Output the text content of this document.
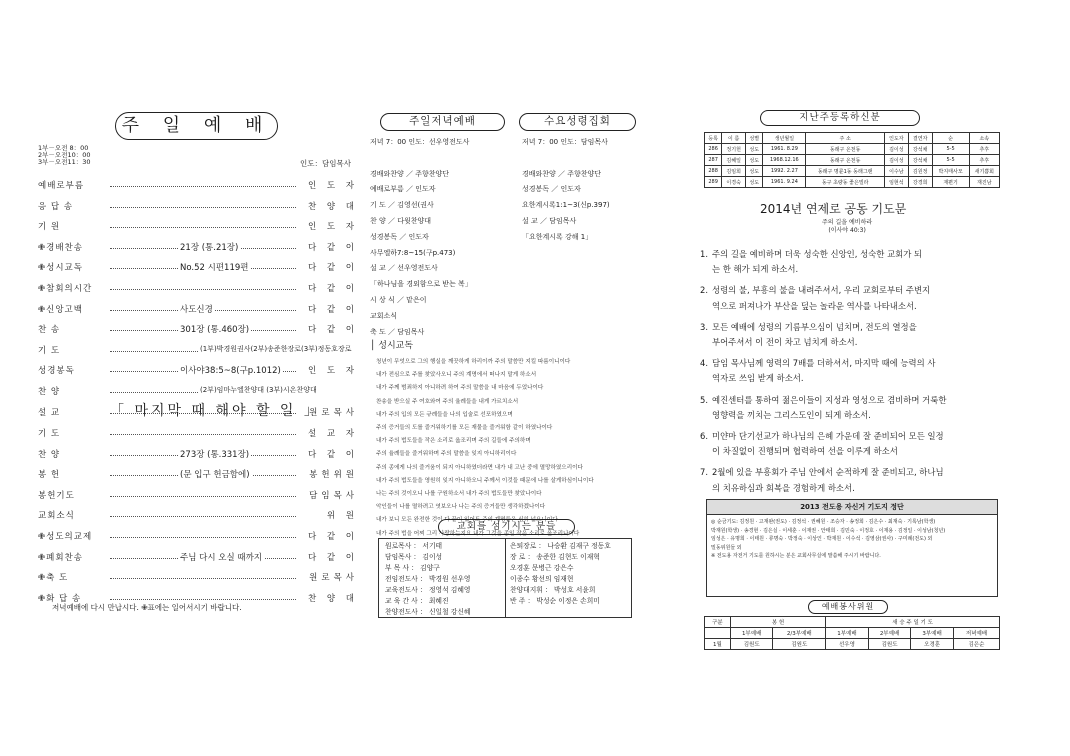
주 일 예 배
1부－오전 8：00
2부－오전10：00
3부－오전11：30	인도：담임목사
예배로부름	인 도 자
응 답 송	찬 양 대
기 원	인 도 자
✙경배찬송	21장 (통.21장)	다 같 이
✙성시교독	No.52 시편119편	다 같 이
✙참회의시간	다 같 이
✙신앙고백	사도신경	다 같 이
찬 송	301장 (통.460장)	다 같 이
기 도	(1부)박경원권사(2부)송준한장로(3부)정동호장로
성경봉독	이사야38:5~8(구p.1012)	인 도 자
찬 양	(2부)임마누엘찬양대 (3부)시온찬양대
설 교	원로목사
「 마지막 때 해야 할 일 」
기 도	설 교 자
찬 양	273장 (통.331장)	다 같 이
봉 헌	(문 입구 헌금함에)	봉헌위원
봉헌기도	담임목사
교회소식	위 원
✙성도의교제	다 같 이
✙폐회찬송	주님 다시 오실 때까지	다 같 이
✙축 도	원로목사
✙화 답 송	찬 양 대
저녁예배에 다시 만납시다. ✙표에는 일어서시기 바랍니다.
주일저녁예배	수요성령집회
저녁 7：00 인도：선우영전도사

경배와찬양 ／ 주향찬양단
예배로부름 ／ 인도자
기 도 ／ 김영선(권사
찬 양 ／ 다윗찬양대
성경봉독 ／ 인도자
사무엘하7:8~15(구p.473)
설 교 ／ 선우영전도사
「하나님을 경외함으로 받는 복」
시 상 식 ／ 맡은이
교회소식
축 도 ／ 담임목사
저녁 7：00 인도：담임목사

경배와찬양 ／ 주향찬양단
성경봉독 ／ 인도자
요한계시록1:1~3(신p.397)
설 교 ／ 담임목사
「요한계시록 강해 1」
│ 성시교독
청년이 무엇으로 그의 행실을 깨끗하게 하리이까 주의 말씀만 지킬 따름이니이다
내가 전심으로 주를 찾았사오니 주의 계명에서 떠나지 말게 하소서
내가 주께 범죄하지 아니하려 하여 주의 말씀을 내 마음에 두었나이다
찬송을 받으실 주 여호와여 주의 율례들을 내게 가르치소서
내가 주의 입의 모든 규례들을 나의 입술로 선포하였으며
주의 증거들의 도를 즐거워하기를 모든 재물을 즐거워함 같이 하였나이다
내가 주의 법도들을 작은 소리로 읊조리며 주의 길들에 주의하며
주의 율례들을 즐거워하며 주의 말씀을 잊지 아니하리이다
주의 종에게 나의 즐거움이 되지 아니하였더라면 내가 내 고난 중에 멸망하였으리이다
내가 주의 법도들을 영원히 잊지 아니하오니 주께서 이것들 때문에 나를 살게하심이니이다
나는 주의 것이오니 나를 구원하소서 내가 주의 법도들만 찾았나이다
악인들이 나를 멸하려고 엿보오나 나는 주의 증거들만 생각하겠나이다
내가 보니 모든 완전한 것이 다 끝이 있어도 주의 계명들은 심히 넓으니이다
내가 주의 법을 어찌 그리 사랑하는지요 내가 그것을 종일 작은 소리로 읊조리나이다
교회를 섬기시는 분들
원로목사 ： 서기태
담임목사 ： 김이성
부 목 사 ： 김양구
전임전도사 ： 박경원 선우영
교육전도사 ： 정영석 김혜영
교 육 간 사 ： 최혜진
찬양전도사 ： 신일철 강신혜
은퇴장로 ： 나승환 김재구 정동호
장 로 ： 송준한 김현도 이재혁
오경훈 문병근 강은수
이종수 황선의 임재현
찬양대지휘 ： 박성호 서윤희
반 주 ： 박성순 이정은 손희미
지난주등록하신분
등록	이 름	성별	생년월일	주 소	인도자	결연자	순	소속
286	정기헌	성도	1961. 8.29	동래구 온천동	김이성	강석채	5-5	추후
287	김혜일	성도	1968.12.16	동래구 온천동	김이성	강석채	5-5	추후
288	김임희	성도	1992. 2.27	동래구 명륜1동 동래그랜	이수남	김원정	박지태사모	새기쁨회
289	이경숙	성도	1961. 9.24	동구 초량동 좋은빌라	임현석	강경희	재편기	재진남
2014년 연제로 공동 기도문
주의 길을 예비하라
(이사야 40:3)
1. 주의 길을 예비하며 더욱 성숙한 신앙인, 성숙한 교회가 되
는 한 해가 되게 하소서.
2. 성령의 불, 부흥의 불을 내려주셔서, 우리 교회로부터 주변지
역으로 퍼져나가 부산을 덮는 놀라운 역사를 나타내소서.
3. 모든 예배에 성령의 기름부으심이 넘치며, 전도의 열정을
부어주셔서 이 전이 차고 넘치게 하소서.
4. 담임 목사님께 영력의 7배를 더하셔서, 마지막 때에 능력의 사
역자로 쓰임 받게 하소서.
5. 예진센터를 통하여 젊은이들이 지성과 영성으로 겸비하며 거룩한
영향력을 끼치는 그리스도인이 되게 하소서.
6. 미얀마 단기선교가 하나님의 은혜 가운데 잘 준비되어 모든 일정
이 차질없이 진행되며 협력하여 선을 이루게 하소서
7. 2월에 있을 부흥회가 주님 안에서 순적하게 잘 준비되고, 하나님
의 치유하심과 회복을 경험하게 하소서.
2013 전도용 자신거 기도지 정단
◎ 순금기도: 김정원 · 고재완(권도) · 김정석 · 권혜원 · 조승자 · 송정희 · 김은수 · 최재숙 · 기록남(학생)
박재원(학생) · 송경현 · 김은실 · 이세훈 · 이재권 · 안태희 · 김민숙 · 이정호 · 이재용 · 김정일 · 이성남(청년)
임성은 · 유명희 · 이태원 · 류명숙 · 박정숙 · 이상인 · 박재원 · 이수석 · 김영삼(권사) · 구미례(전도) 외
밀동위원들 외
※ 전도용 자전거 기도를 원하시는 분은 교회사무실에 말씀해 주시기 바랍니다.
예배봉사위원
구분	봉 헌		새 승 주 일 기 도			
	1부예배	2/3부예배	1부예배	2부예배	3부예배	저녁예배
1월	김원도	김원도	선우영	김원도	오경훈	김은순
